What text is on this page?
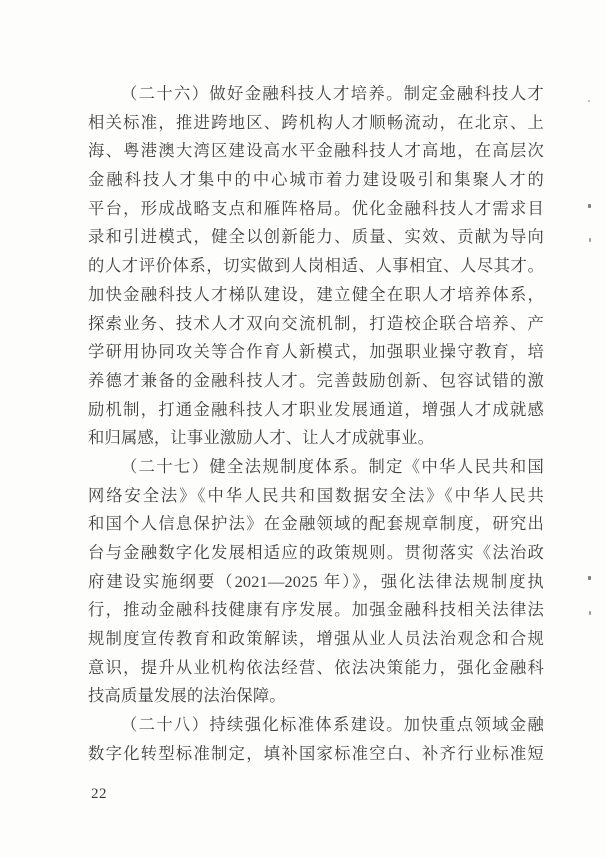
（二十六）做好金融科技人才培养。制定金融科技人才
相关标准，推进跨地区、跨机构人才顺畅流动，在北京、上
海、粤港澳大湾区建设高水平金融科技人才高地，在高层次
金融科技人才集中的中心城市着力建设吸引和集聚人才的
平台，形成战略支点和雁阵格局。优化金融科技人才需求目
录和引进模式，健全以创新能力、质量、实效、贡献为导向
的人才评价体系，切实做到人岗相适、人事相宜、人尽其才。
加快金融科技人才梯队建设，建立健全在职人才培养体系，
探索业务、技术人才双向交流机制，打造校企联合培养、产
学研用协同攻关等合作育人新模式，加强职业操守教育，培
养德才兼备的金融科技人才。完善鼓励创新、包容试错的激
励机制，打通金融科技人才职业发展通道，增强人才成就感
和归属感，让事业激励人才、让人才成就事业。
（二十七）健全法规制度体系。制定《中华人民共和国
网络安全法》《中华人民共和国数据安全法》《中华人民共
和国个人信息保护法》在金融领域的配套规章制度，研究出
台与金融数字化发展相适应的政策规则。贯彻落实《法治政
府建设实施纲要（2021—2025 年）》，强化法律法规制度执
行，推动金融科技健康有序发展。加强金融科技相关法律法
规制度宣传教育和政策解读，增强从业人员法治观念和合规
意识，提升从业机构依法经营、依法决策能力，强化金融科
技高质量发展的法治保障。
（二十八）持续强化标准体系建设。加快重点领域金融
数字化转型标准制定，填补国家标准空白、补齐行业标准短
22
